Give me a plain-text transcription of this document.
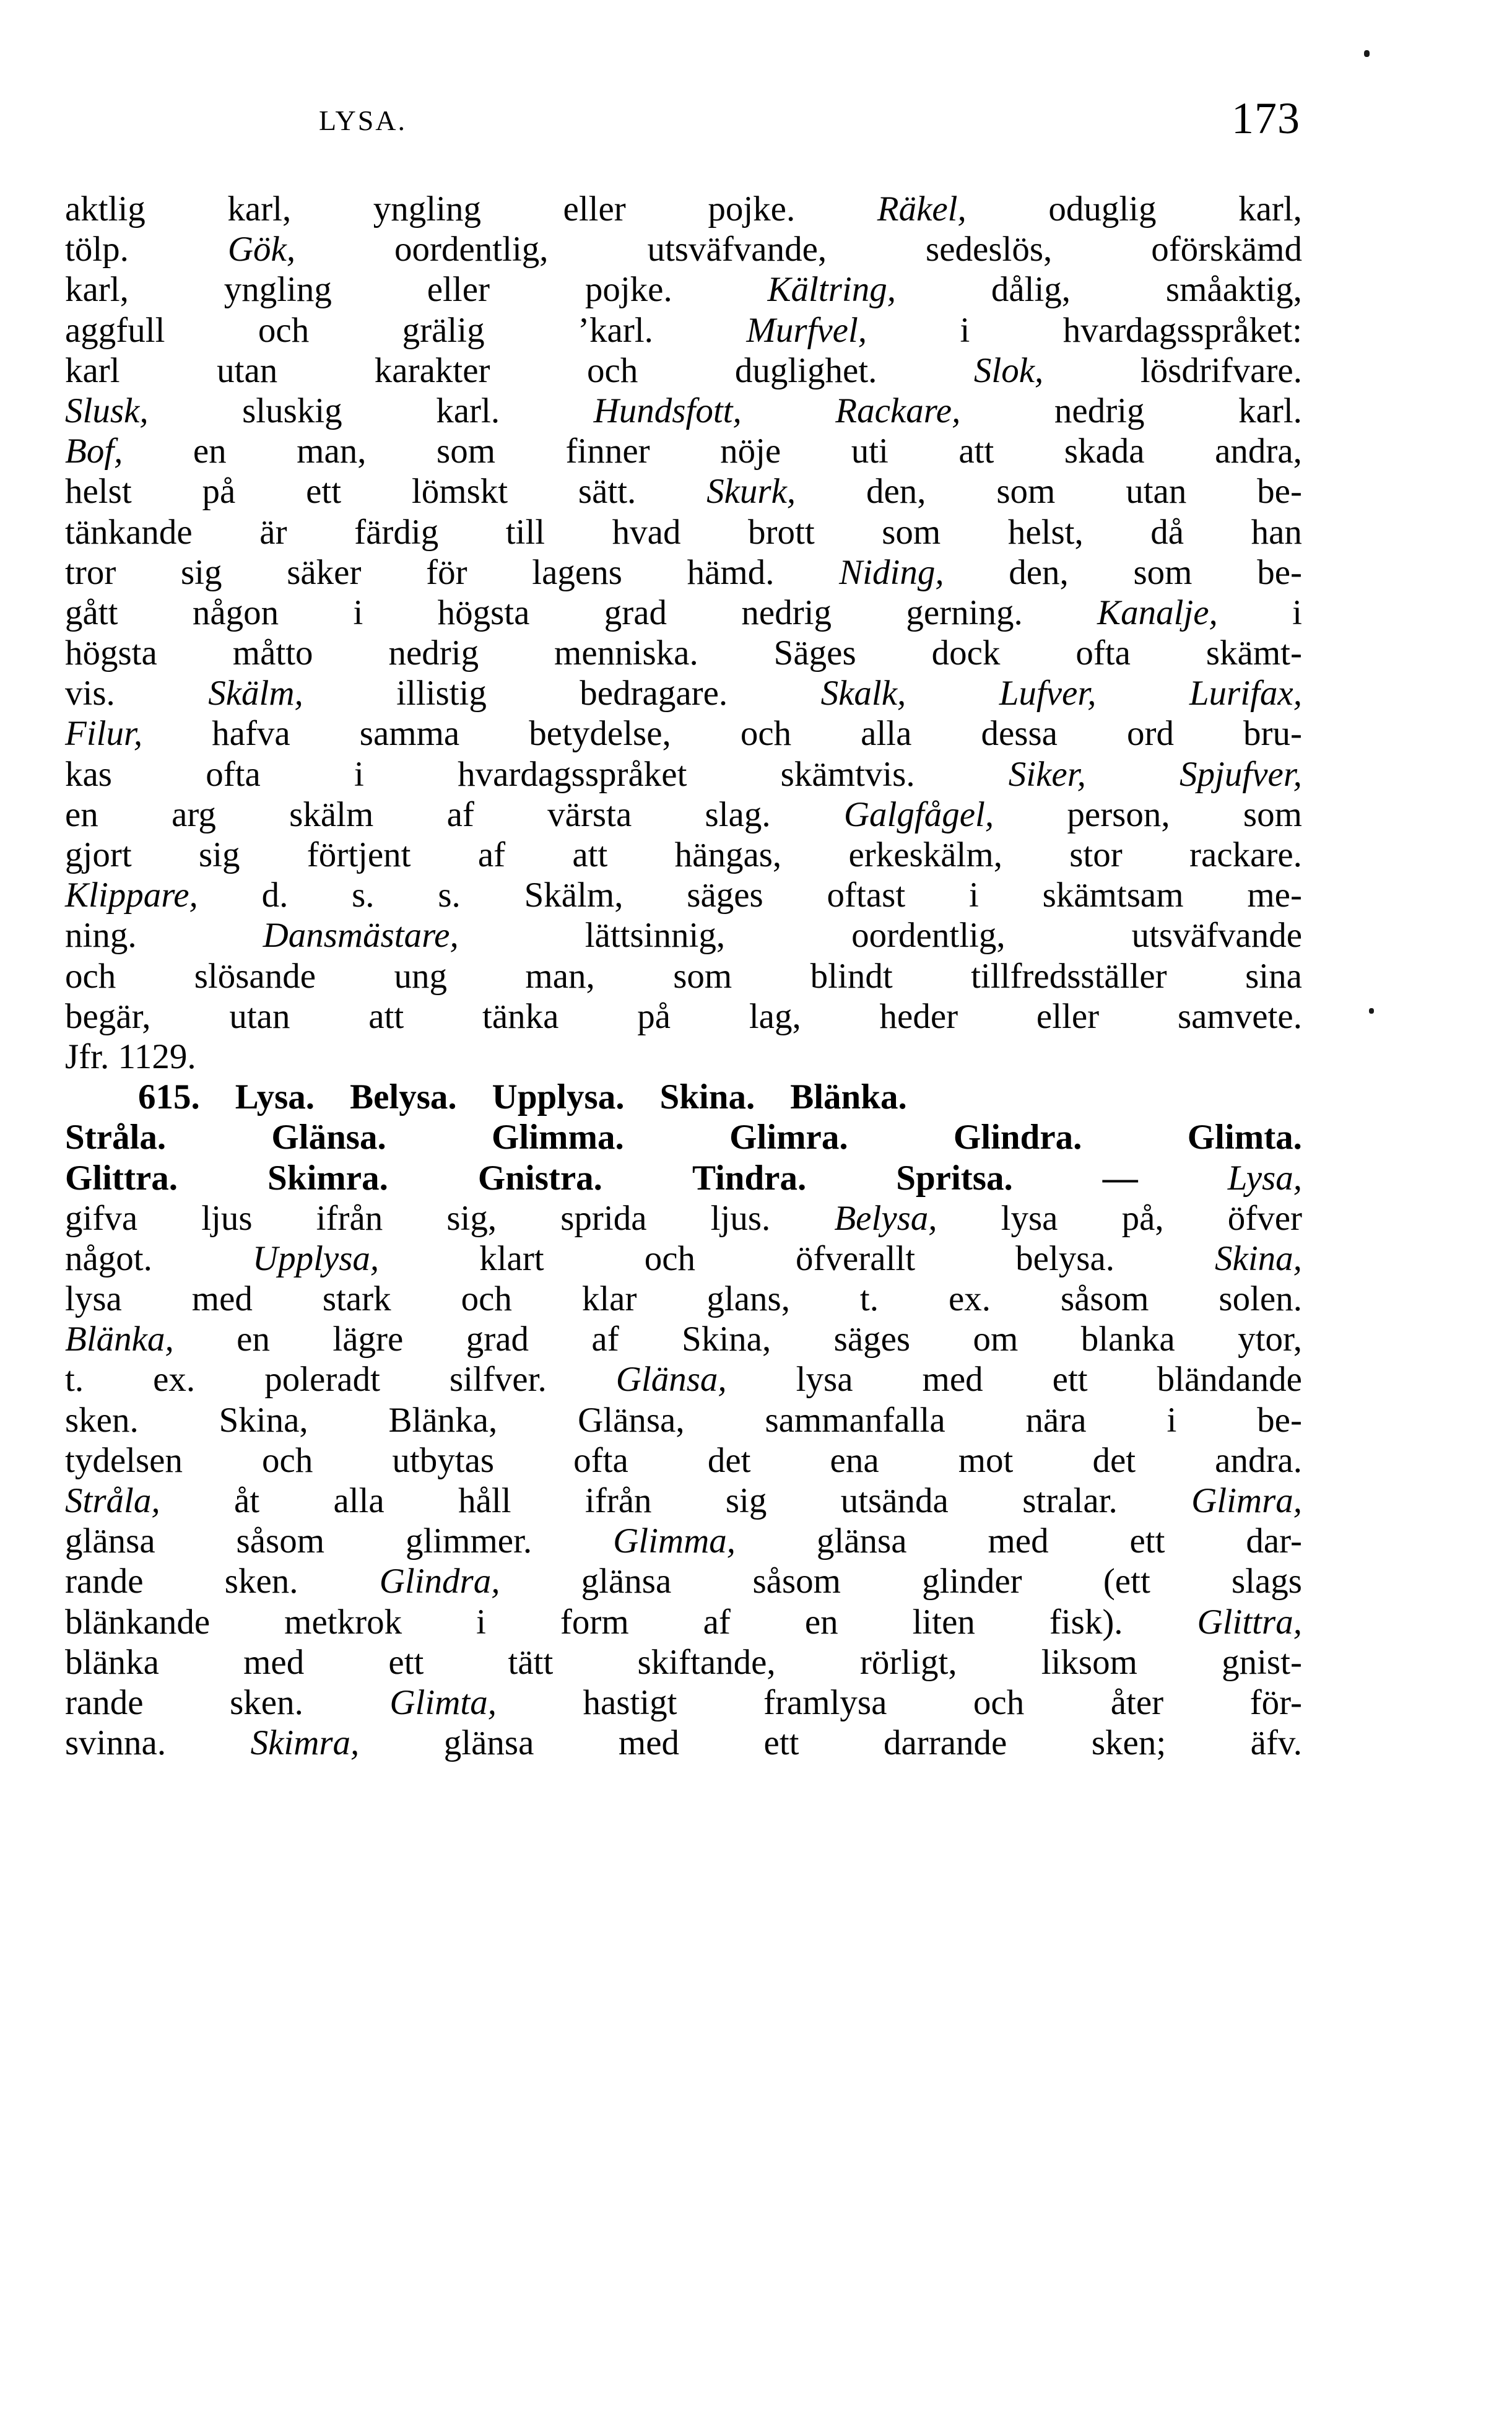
LYSA.	173
aktlig karl, yngling eller pojke. Räkel, oduglig karl,
tölp.	Gök,	oordentlig,	utsväfvande,	sedeslös,	oförskämd
karl,	yngling	eller	pojke.	Kältring,	dålig,	småaktig,
aggfull	och	grälig	ʼkarl.	Murfvel,	i	hvardagsspråket:
karl	utan	karakter	och	duglighet.	Slok,	lösdrifvare.
Slusk,	sluskig	karl.	Hundsfott,	Rackare,	nedrig	karl.
Bof, en man, som finner nöje uti att skada andra,
helst på ett lömskt sätt. Skurk, den, som utan be-
tänkande är färdig till hvad brott som helst, då han
tror sig säker för lagens hämd. Niding, den, som be-
gått någon i högsta grad nedrig gerning. Kanalje, i
högsta måtto nedrig menniska. Säges dock ofta skämt-
vis.	Skälm,	illistig	bedragare.	Skalk,	Lufver,	Lurifax,
Filur, hafva samma betydelse, och alla dessa ord bru-
kas	ofta	i	hvardagsspråket	skämtvis.	Siker,	Spjufver,
en arg skälm af värsta slag. Galgfågel, person, som
gjort sig förtjent af att hängas, erkeskälm, stor rackare.
Klippare, d. s. s. Skälm, säges oftast i skämtsam me-
ning.	Dansmästare,	lättsinnig,	oordentlig,	utsväfvande
och slösande ung man, som blindt tillfredsställer sina
begär, utan att tänka på lag, heder eller samvete.
Jfr. 1129.
615.
   Lysa.
   Belysa.
   Upplysa.
   Skina.
   Blänka.
Stråla.	Glänsa.	Glimma.	Glimra.	Glindra.	Glimta.
Glittra.	Skimra.	Gnistra.	Tindra.	Spritsa.	—	Lysa,
gifva ljus ifrån sig, sprida ljus. Belysa, lysa på, öfver
något.	Upplysa,	klart	och	öfverallt	belysa.	Skina,
lysa med stark och klar glans, t. ex. såsom solen.
Blänka, en lägre grad af Skina, säges om blanka ytor,
t. ex. poleradt silfver. Glänsa, lysa med ett bländande
sken. Skina, Blänka, Glänsa, sammanfalla nära i be-
tydelsen och utbytas ofta det ena mot det andra.
Stråla, åt alla håll ifrån sig utsända stralar. Glimra,
glänsa såsom glimmer. Glimma, glänsa med ett dar-
rande sken. Glindra, glänsa såsom glinder (ett slags
blänkande metkrok i form af en liten fisk). Glittra,
blänka med ett tätt skiftande, rörligt, liksom gnist-
rande sken. Glimta, hastigt framlysa och åter för-
svinna. Skimra, glänsa med ett darrande sken; äfv.
